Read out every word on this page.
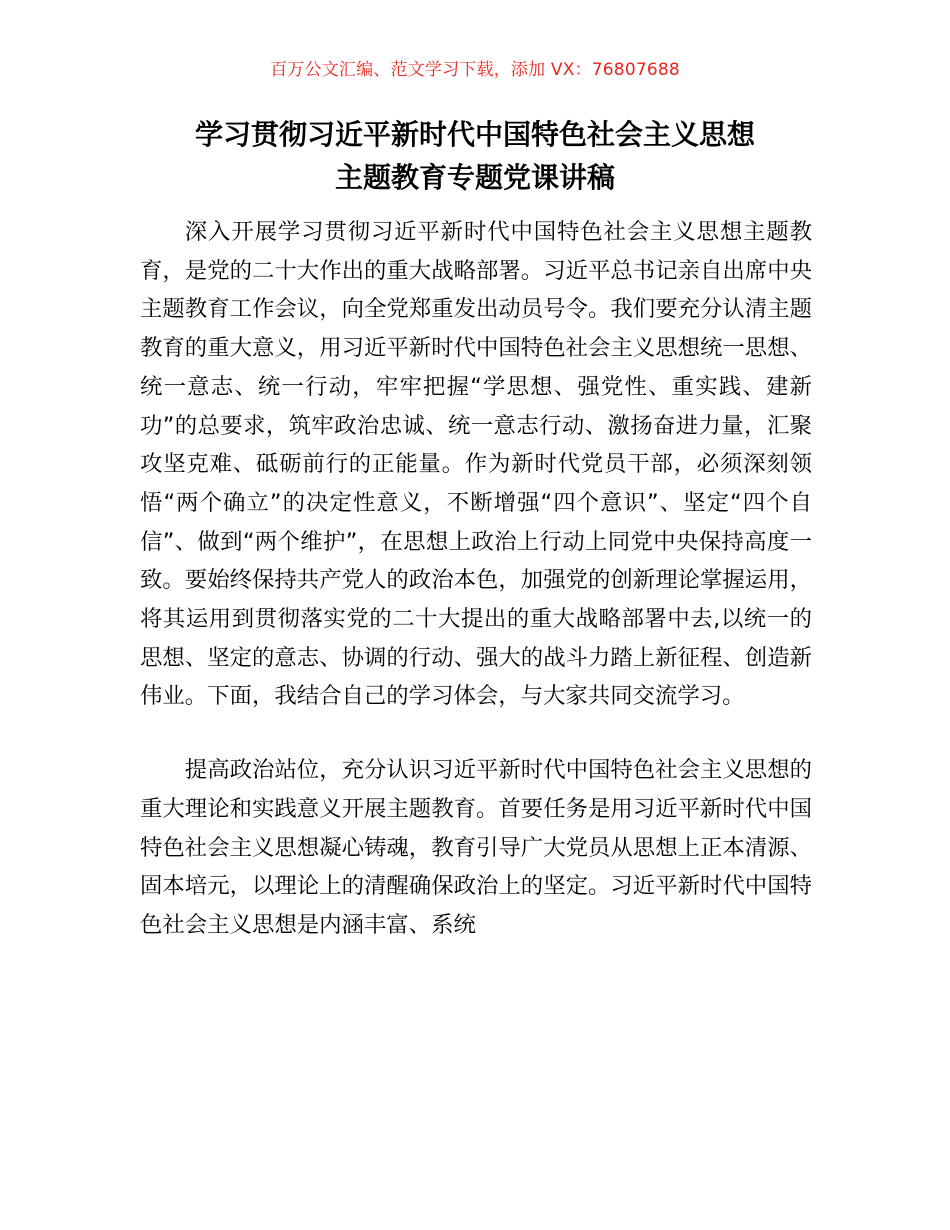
百万公文汇编、范文学习下载，添加 VX：76807688
学习贯彻习近平新时代中国特色社会主义思想
主题教育专题党课讲稿

深入开展学习贯彻习近平新时代中国特色社会主义思想主题教育，是党的二十大作出的重大战略部署。习近平总书记亲自出席中央主题教育工作会议，向全党郑重发出动员号令。我们要充分认清主题教育的重大意义，用习近平新时代中国特色社会主义思想统一思想、统一意志、统一行动，牢牢把握“学思想、强党性、重实践、建新功”的总要求，筑牢政治忠诚、统一意志行动、激扬奋进力量，汇聚攻坚克难、砥砺前行的正能量。作为新时代党员干部，必须深刻领悟“两个确立”的决定性意义，不断增强“四个意识”、坚定“四个自信”、做到“两个维护”，在思想上政治上行动上同党中央保持高度一致。要始终保持共产党人的政治本色，加强党的创新理论掌握运用，将其运用到贯彻落实党的二十大提出的重大战略部署中去,以统一的思想、坚定的意志、协调的行动、强大的战斗力踏上新征程、创造新伟业。下面，我结合自己的学习体会，与大家共同交流学习。

提高政治站位，充分认识习近平新时代中国特色社会主义思想的重大理论和实践意义开展主题教育。首要任务是用习近平新时代中国特色社会主义思想凝心铸魂，教育引导广大党员从思想上正本清源、固本培元，以理论上的清醒确保政治上的坚定。习近平新时代中国特色社会主义思想是内涵丰富、系统
